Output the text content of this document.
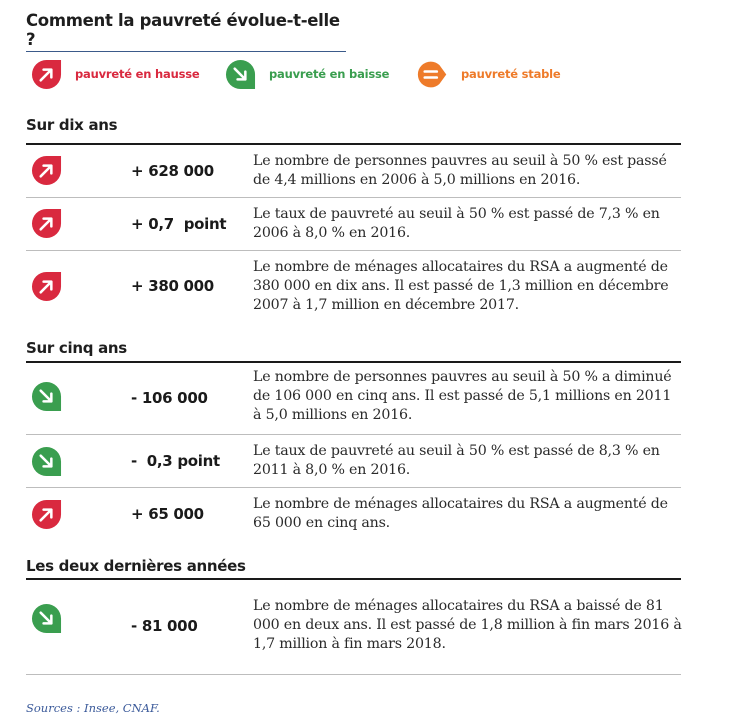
Comment la pauvreté évolue-t-elle ?
pauvreté en hausse	pauvreté en baisse	pauvreté stable
Sur dix ans
+ 628 000
Le nombre de personnes pauvres au seuil à 50 % est passé de 4,4 millions en 2006 à 5,0 millions en 2016.
+ 0,7  point
Le taux de pauvreté au seuil à 50 % est passé de 7,3 % en 2006 à 8,0 % en 2016.
+ 380 000
Le nombre de ménages allocataires du RSA a augmenté de 380 000 en dix ans. Il est passé de 1,3 million en décembre 2007 à 1,7 million en décembre 2017.
Sur cinq ans
- 106 000
Le nombre de personnes pauvres au seuil à 50 % a diminué de 106 000 en cinq ans. Il est passé de 5,1 millions en 2011 à 5,0 millions en 2016.
-  0,3 point
Le taux de pauvreté au seuil à 50 % est passé de 8,3 % en 2011 à 8,0 % en 2016.
+ 65 000
Le nombre de ménages allocataires du RSA a augmenté de 65 000 en cinq ans.
Les deux dernières années
- 81 000
Le nombre de ménages allocataires du RSA a baissé de 81 000 en deux ans. Il est passé de 1,8 million à fin mars 2016 à 1,7 million à fin mars 2018.
Sources : Insee, CNAF.
